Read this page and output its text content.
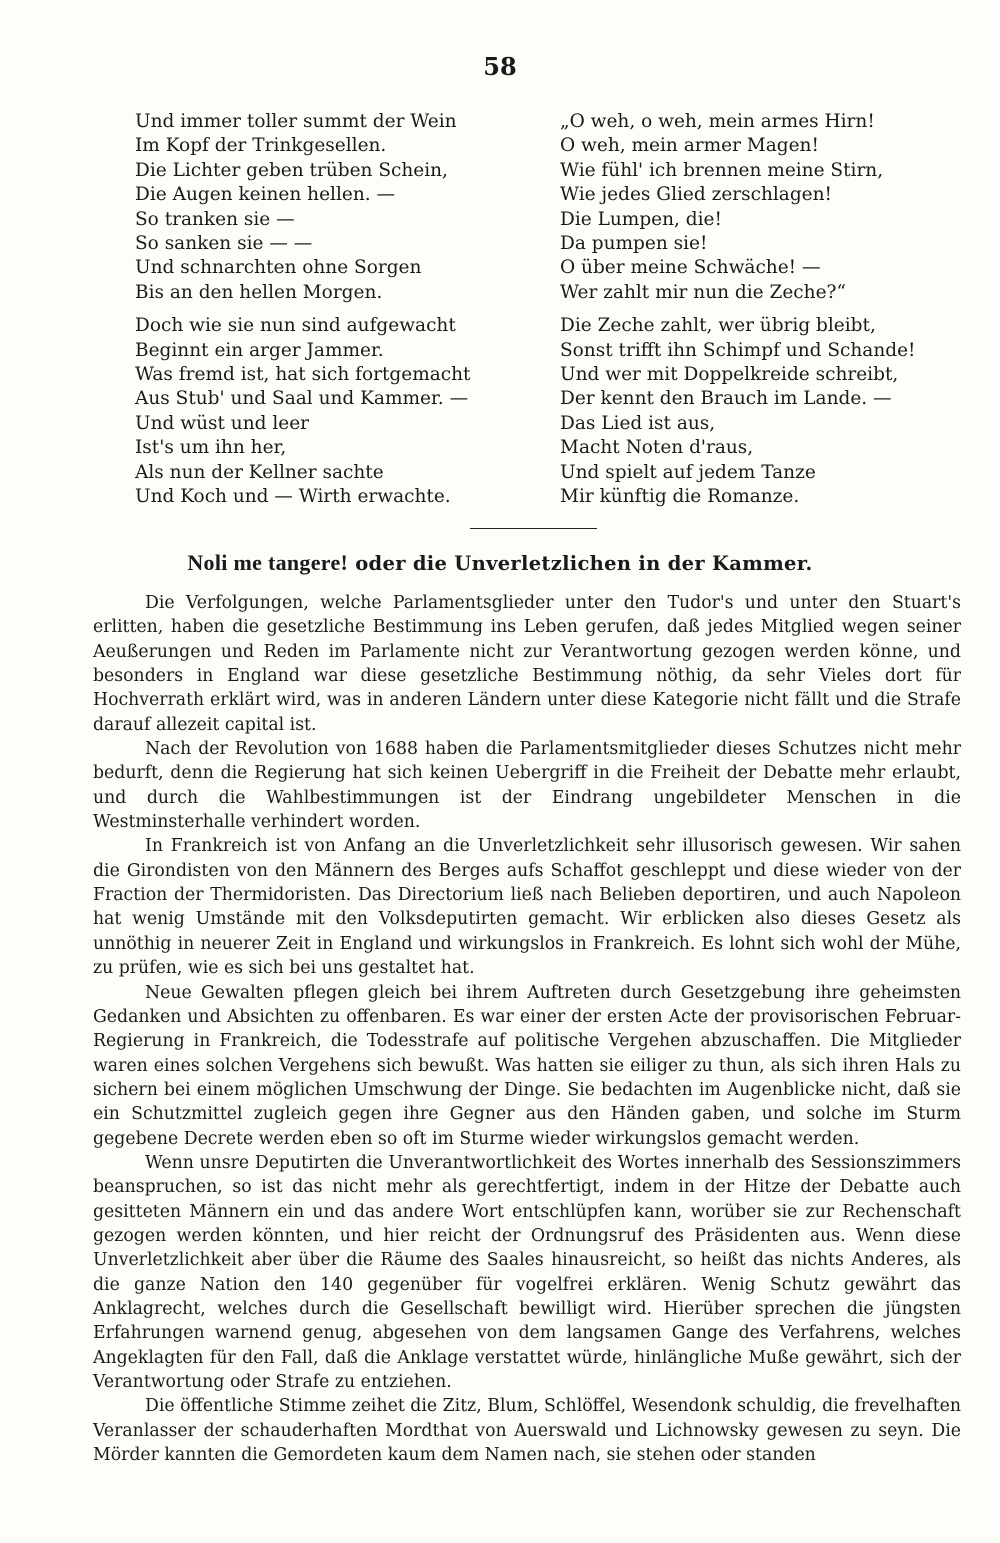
58
Und immer toller summt der Wein
Im Kopf der Trinkgesellen.
Die Lichter geben trüben Schein,
Die Augen keinen hellen. —
So tranken sie —
So sanken sie — —
Und schnarchten ohne Sorgen
Bis an den hellen Morgen.
Doch wie sie nun sind aufgewacht
Beginnt ein arger Jammer.
Was fremd ist, hat sich fortgemacht
Aus Stub' und Saal und Kammer. —
Und wüst und leer
Ist's um ihn her,
Als nun der Kellner sachte
Und Koch und — Wirth erwachte.
„O weh, o weh, mein armes Hirn!
O weh, mein armer Magen!
Wie fühl' ich brennen meine Stirn,
Wie jedes Glied zerschlagen!
Die Lumpen, die!
Da pumpen sie!
O über meine Schwäche! —
Wer zahlt mir nun die Zeche?“
Die Zeche zahlt, wer übrig bleibt,
Sonst trifft ihn Schimpf und Schande!
Und wer mit Doppelkreide schreibt,
Der kennt den Brauch im Lande. —
Das Lied ist aus,
Macht Noten d'raus,
Und spielt auf jedem Tanze
Mir künftig die Romanze.
Noli me tangere! oder die Unverletzlichen in der Kammer.

Die Verfolgungen, welche Parlamentsglieder unter den Tudor's und unter den Stuart's erlitten, haben die gesetzliche Bestimmung ins Leben gerufen, daß jedes Mitglied wegen seiner Aeußerungen und Reden im Parlamente nicht zur Verantwortung gezogen werden könne, und besonders in England war diese gesetzliche Bestimmung nöthig, da sehr Vieles dort für Hochverrath erklärt wird, was in anderen Ländern unter diese Kategorie nicht fällt und die Strafe darauf allezeit capital ist.

Nach der Revolution von 1688 haben die Parlamentsmitglieder dieses Schutzes nicht mehr bedurft, denn die Regierung hat sich keinen Uebergriff in die Freiheit der Debatte mehr erlaubt, und durch die Wahlbestimmungen ist der Eindrang ungebildeter Menschen in die Westminsterhalle verhindert worden.

In Frankreich ist von Anfang an die Unverletzlichkeit sehr illusorisch gewesen. Wir sahen die Girondisten von den Männern des Berges aufs Schaffot geschleppt und diese wieder von der Fraction der Thermidoristen. Das Directorium ließ nach Belieben deportiren, und auch Napoleon hat wenig Umstände mit den Volksdeputirten gemacht. Wir erblicken also dieses Gesetz als unnöthig in neuerer Zeit in England und wirkungslos in Frankreich. Es lohnt sich wohl der Mühe, zu prüfen, wie es sich bei uns gestaltet hat.

Neue Gewalten pflegen gleich bei ihrem Auftreten durch Gesetzgebung ihre geheimsten Gedanken und Absichten zu offenbaren. Es war einer der ersten Acte der provisorischen Februar-Regierung in Frankreich, die Todesstrafe auf politische Vergehen abzuschaffen. Die Mitglieder waren eines solchen Vergehens sich bewußt. Was hatten sie eiliger zu thun, als sich ihren Hals zu sichern bei einem möglichen Umschwung der Dinge. Sie bedachten im Augenblicke nicht, daß sie ein Schutzmittel zugleich gegen ihre Gegner aus den Händen gaben, und solche im Sturm gegebene Decrete werden eben so oft im Sturme wieder wirkungslos gemacht werden.

Wenn unsre Deputirten die Unverantwortlichkeit des Wortes innerhalb des Sessionszimmers beanspruchen, so ist das nicht mehr als gerechtfertigt, indem in der Hitze der Debatte auch gesitteten Männern ein und das andere Wort entschlüpfen kann, worüber sie zur Rechenschaft gezogen werden könnten, und hier reicht der Ordnungsruf des Präsidenten aus. Wenn diese Unverletzlichkeit aber über die Räume des Saales hinausreicht, so heißt das nichts Anderes, als die ganze Nation den 140 gegenüber für vogelfrei erklären. Wenig Schutz gewährt das Anklagrecht, welches durch die Gesellschaft bewilligt wird. Hierüber sprechen die jüngsten Erfahrungen warnend genug, abgesehen von dem langsamen Gange des Verfahrens, welches Angeklagten für den Fall, daß die Anklage verstattet würde, hinlängliche Muße gewährt, sich der Verantwortung oder Strafe zu entziehen.

Die öffentliche Stimme zeihet die Zitz, Blum, Schlöffel, Wesendonk schuldig, die frevelhaften Veranlasser der schauderhaften Mordthat von Auerswald und Lichnowsky gewesen zu seyn. Die Mörder kannten die Gemordeten kaum dem Namen nach, sie stehen oder standen
